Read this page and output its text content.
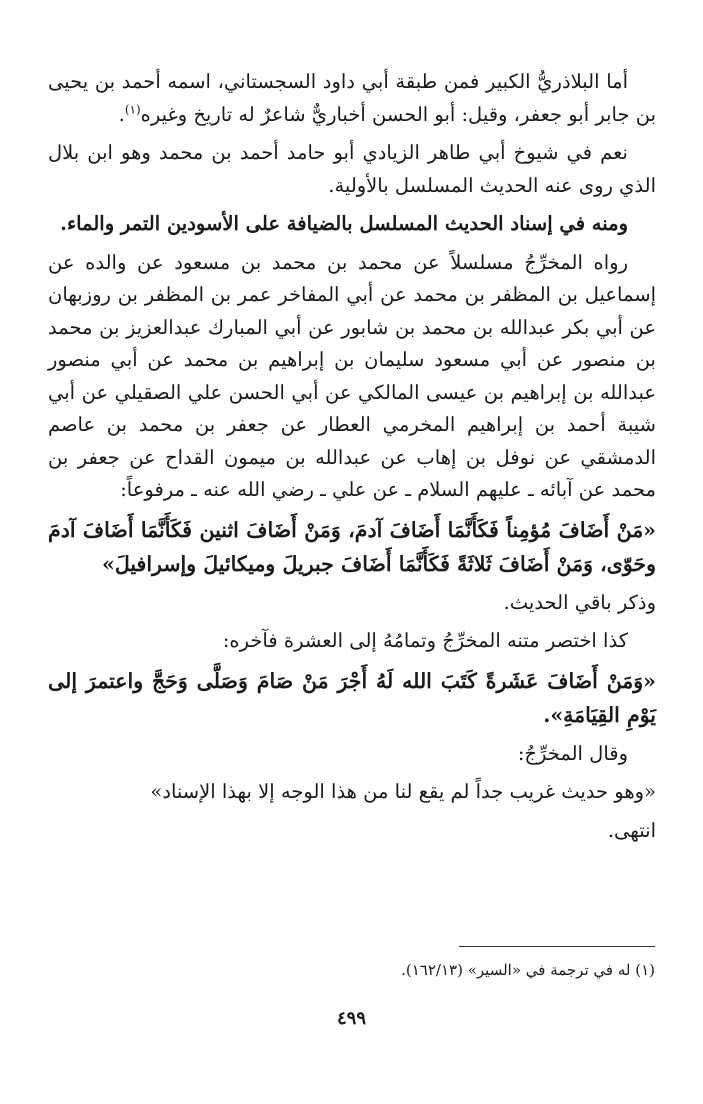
أما البلاذريُّ الكبير فمن طبقة أبي داود السجستاني، اسمه أحمد بن يحيى بن جابر أبو جعفر، وقيل: أبو الحسن أخباريٌّ شاعرٌ له تاريخ وغيره$^{(١)}$.

نعم في شيوخ أبي طاهر الزيادي أبو حامد أحمد بن محمد وهو ابن بلال الذي روى عنه الحديث المسلسل بالأولية.

ومنه في إسناد الحديث المسلسل بالضيافة على الأسودين التمر والماء.

رواه المخرِّجُ مسلسلاً عن محمد بن محمد بن مسعود عن والده عن إسماعيل بن المظفر بن محمد عن أبي المفاخر عمر بن المظفر بن روزبهان عن أبي بكر عبدالله بن محمد بن شابور عن أبي المبارك عبدالعزيز بن محمد بن منصور عن أبي مسعود سليمان بن إبراهيم بن محمد عن أبي منصور عبدالله بن إبراهيم بن عيسى المالكي عن أبي الحسن علي الصقيلي عن أبي شيبة أحمد بن إبراهيم المخرمي العطار عن جعفر بن محمد بن عاصم الدمشقي عن نوفل بن إهاب عن عبدالله بن ميمون القداح عن جعفر بن محمد عن آبائه ـ عليهم السلام ـ عن علي ـ رضي الله عنه ـ مرفوعاً:

«مَنْ أَضَافَ مُؤمِناً فَكَأَنَّمَا أَضَافَ آدمَ، وَمَنْ أَضَافَ اثنين فَكَأَنَّمَا أَضَافَ آدمَ وحَوّى، وَمَنْ أَضَافَ ثَلاثَةً فَكَأَنَّمَا أَضَافَ جبريلَ وميكائيلَ وإسرافيلَ»

وذكر باقي الحديث.

كذا اختصر متنه المخرِّجُ وتمامُهُ إلى العشرة فآخره:

«وَمَنْ أَضَافَ عَشَرةً كَتَبَ الله لَهُ أَجْرَ مَنْ صَامَ وَصَلَّى وَحَجَّ واعتمرَ إلى يَوْمِ القِيَامَةِ».

وقال المخرِّجُ:

«وهو حديث غريب جداً لم يقع لنا من هذا الوجه إلا بهذا الإسناد»

انتهى.

(١) له في ترجمة في «السير» (١٦٢/١٣).
٤٩٩
